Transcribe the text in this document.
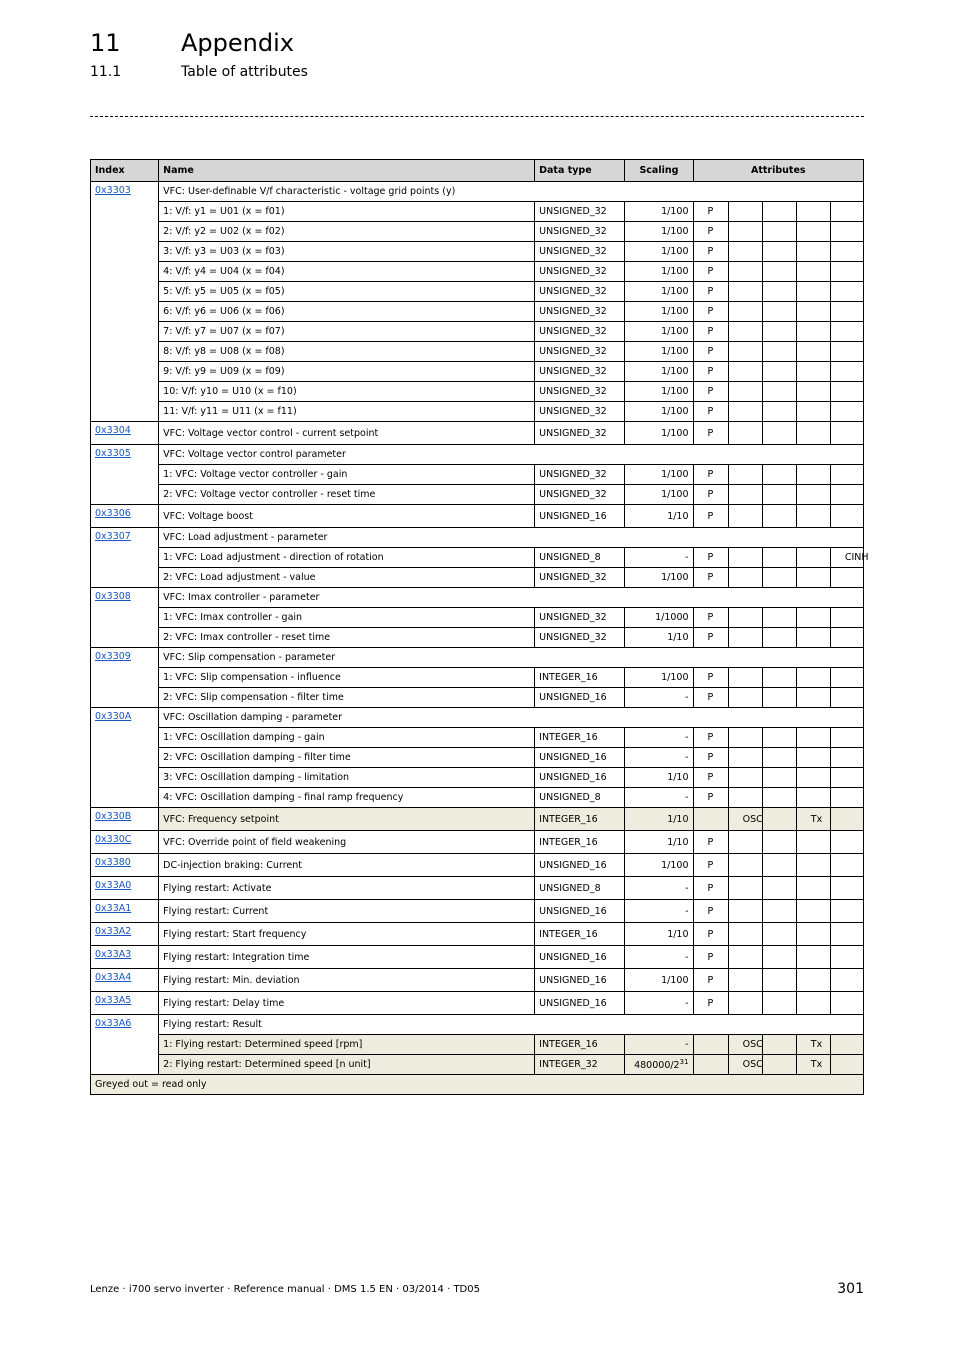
11	Appendix
11.1	Table of attributes
Index	Name	Data type	Scaling	Attributes				
0x3303	VFC: User-definable V/f characteristic - voltage grid points (y)							
	1: V/f: y1 = U01 (x = f01)	UNSIGNED_32	1/100	P				
	2: V/f: y2 = U02 (x = f02)	UNSIGNED_32	1/100	P				
	3: V/f: y3 = U03 (x = f03)	UNSIGNED_32	1/100	P				
	4: V/f: y4 = U04 (x = f04)	UNSIGNED_32	1/100	P				
	5: V/f: y5 = U05 (x = f05)	UNSIGNED_32	1/100	P				
	6: V/f: y6 = U06 (x = f06)	UNSIGNED_32	1/100	P				
	7: V/f: y7 = U07 (x = f07)	UNSIGNED_32	1/100	P				
	8: V/f: y8 = U08 (x = f08)	UNSIGNED_32	1/100	P				
	9: V/f: y9 = U09 (x = f09)	UNSIGNED_32	1/100	P				
	10: V/f: y10 = U10 (x = f10)	UNSIGNED_32	1/100	P				
	11: V/f: y11 = U11 (x = f11)	UNSIGNED_32	1/100	P				
0x3304	VFC: Voltage vector control - current setpoint	UNSIGNED_32	1/100	P				
0x3305	VFC: Voltage vector control parameter							
	1: VFC: Voltage vector controller - gain	UNSIGNED_32	1/100	P				
	2: VFC: Voltage vector controller - reset time	UNSIGNED_32	1/100	P				
0x3306	VFC: Voltage boost	UNSIGNED_16	1/10	P				
0x3307	VFC: Load adjustment - parameter							
	1: VFC: Load adjustment - direction of rotation	UNSIGNED_8	-	P				CINH
	2: VFC: Load adjustment - value	UNSIGNED_32	1/100	P				
0x3308	VFC: Imax controller - parameter							
	1: VFC: Imax controller - gain	UNSIGNED_32	1/1000	P				
	2: VFC: Imax controller - reset time	UNSIGNED_32	1/10	P				
0x3309	VFC: Slip compensation - parameter							
	1: VFC: Slip compensation - influence	INTEGER_16	1/100	P				
	2: VFC: Slip compensation - filter time	UNSIGNED_16	-	P				
0x330A	VFC: Oscillation damping - parameter							
	1: VFC: Oscillation damping - gain	INTEGER_16	-	P				
	2: VFC: Oscillation damping - filter time	UNSIGNED_16	-	P				
	3: VFC: Oscillation damping - limitation	UNSIGNED_16	1/10	P				
	4: VFC: Oscillation damping - final ramp frequency	UNSIGNED_8	-	P				
0x330B	VFC: Frequency setpoint	INTEGER_16	1/10		OSC		Tx	
0x330C	VFC: Override point of field weakening	INTEGER_16	1/10	P				
0x3380	DC-injection braking: Current	UNSIGNED_16	1/100	P				
0x33A0	Flying restart: Activate	UNSIGNED_8	-	P				
0x33A1	Flying restart: Current	UNSIGNED_16	-	P				
0x33A2	Flying restart: Start frequency	INTEGER_16	1/10	P				
0x33A3	Flying restart: Integration time	UNSIGNED_16	-	P				
0x33A4	Flying restart: Min. deviation	UNSIGNED_16	1/100	P				
0x33A5	Flying restart: Delay time	UNSIGNED_16	-	P				
0x33A6	Flying restart: Result							
	1: Flying restart: Determined speed [rpm]	INTEGER_16	-		OSC		Tx	
	2: Flying restart: Determined speed [n unit]	INTEGER_32	$480000/2^{31}$		OSC		Tx	
Greyed out = read only								
Lenze · i700 servo inverter · Reference manual · DMS 1.5 EN · 03/2014 · TD05	301
